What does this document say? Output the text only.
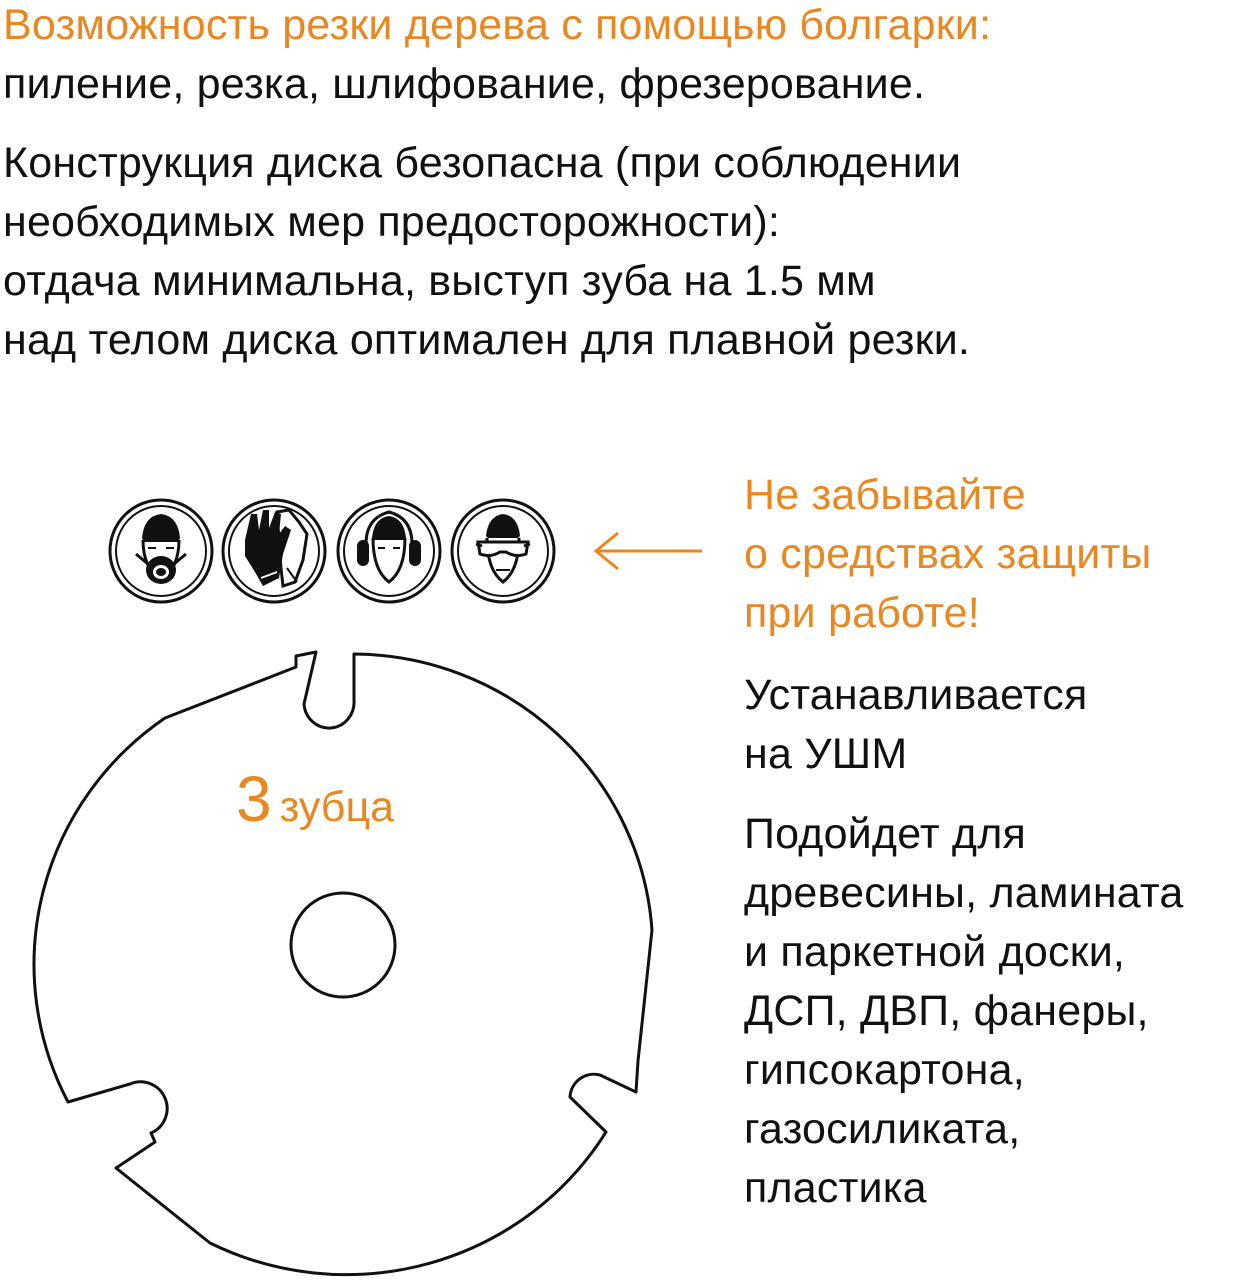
Возможность резки дерева с помощью болгарки:
пиление, резка, шлифование, фрезерование.
Конструкция диска безопасна (при соблюдении
необходимых мер предосторожности):
отдача минимальна, выступ зуба на 1.5 мм
над телом диска оптимален для плавной резки.
Не забывайте
о средствах защиты
при работе!
Устанавливается
на УШМ
Подойдет для
древесины, ламината
и паркетной доски,
ДСП, ДВП, фанеры,
гипсокартона,
газосиликата,
пластика
3 зубца
